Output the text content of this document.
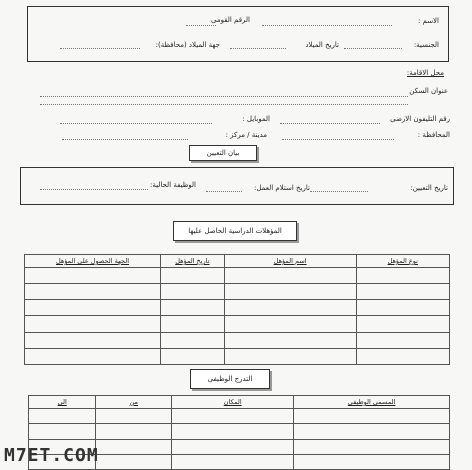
الاسم :
الرقم القومى
الجنسية:
تاريخ الميلاد
جهة الميلاد (محافظة):
محل الاقامة:
عنوان السكن
رقم التليفون الارضى
الموبايل :
المحافظة :
مدينة / مركز :
بيان التعيين
تاريخ التعيين:
تاريخ استلام العمل:
الوظيفة الحالية:
المؤهلات الدراسية الحاصل عليها
نوع المؤهل	اسم المؤهل	تاريخ المؤهل	الجهة الحصول على المؤهل

التدرج الوظيفى
المسمى الوظيفى	المكان	من	الى

M7ET.COM
